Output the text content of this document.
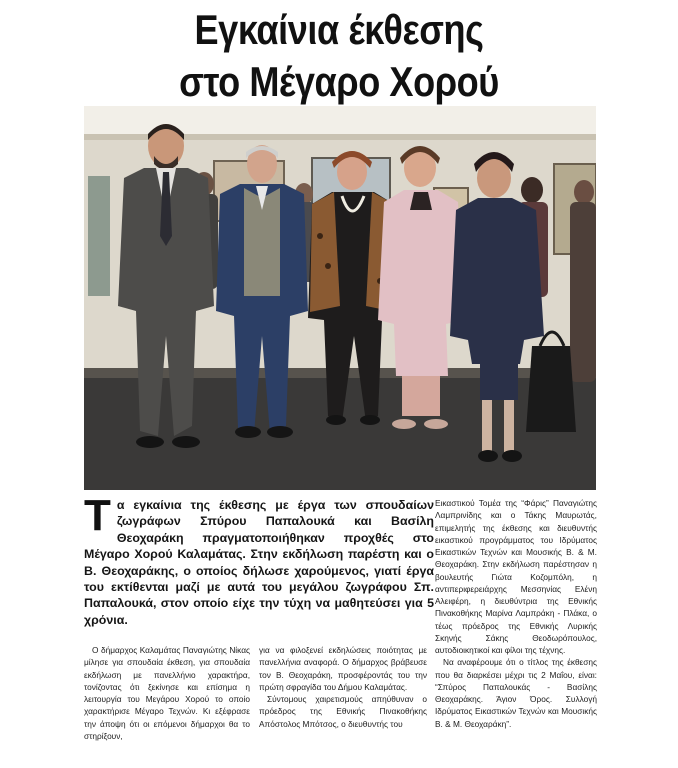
Εγκαίνια έκθεσης
στο Μέγαρο Χορού

Τα εγκαίνια της έκθεσης με έργα των σπουδαίων ζωγράφων Σπύρου Παπαλουκά και Βασίλη Θεοχαράκη πραγματοποιήθηκαν προχθές στο Μέγαρο Χορού Καλαμάτας. Στην εκδήλωση παρέστη και ο Β. Θεοχαράκης, ο οποίος δήλωσε χαρούμενος, γιατί έργα του εκτίθενται μαζί με αυτά του μεγάλου ζωγράφου Σπ. Παπαλουκά, στον οποίο είχε την τύχη να μαθητεύσει για 5 χρόνια.

Ο δήμαρχος Καλαμάτας Παναγιώτης Νίκας μίλησε για σπουδαία έκθεση, για σπουδαία εκδήλωση με πανελλήνιο χαρακτήρα, τονίζοντας ότι ξεκίνησε και επίσημα η λειτουργία του Μεγάρου Χορού το οποίο χαρακτήρισε Μέγαρο Τεχνών. Κι εξέφρασε την άποψη ότι οι επόμενοι δήμαρχοι θα το στηρίξουν,

για να φιλοξενεί εκδηλώσεις ποιότητας με πανελλήνια αναφορά. Ο δήμαρχος βράβευσε τον Β. Θεοχαράκη, προσφέροντάς του την πρώτη σφραγίδα του Δήμου Καλαμάτας.

Σύντομους χαιρετισμούς απηύθυναν ο πρόεδρος της Εθνικής Πινακοθήκης Απόστολος Μπότσος, ο διευθυντής του

Εικαστικού Τομέα της “Φάρις” Παναγιώτης Λαμπρινίδης και ο Τάκης Μαυρωτάς, επιμελητής της έκθεσης και διευθυντής εικαστικού προγράμματος του Ιδρύματος Εικαστικών Τεχνών και Μουσικής Β. & Μ. Θεοχαράκη. Στην εκδήλωση παρέστησαν η βουλευτής Γιώτα Κοζομπόλη, η αντιπεριφερειάρχης Μεσσηνίας Ελένη Αλειφέρη, η διευθύντρια της Εθνικής Πινακοθήκης Μαρίνα Λαμπράκη - Πλάκα, ο τέως πρόεδρος της Εθνικής Λυρικής Σκηνής Σάκης Θεοδωρόπουλος, αυτοδιοικητικοί και φίλοι της τέχνης.

Να αναφέρουμε ότι ο τίτλος της έκθεσης που θα διαρκέσει μέχρι τις 2 Μαΐου, είναι: “Σπύρος Παπαλουκάς - Βασίλης Θεοχαράκης. Άγιον Όρος. Συλλογή Ιδρύματος Εικαστικών Τεχνών και Μουσικής Β. & Μ. Θεοχαράκη”.
